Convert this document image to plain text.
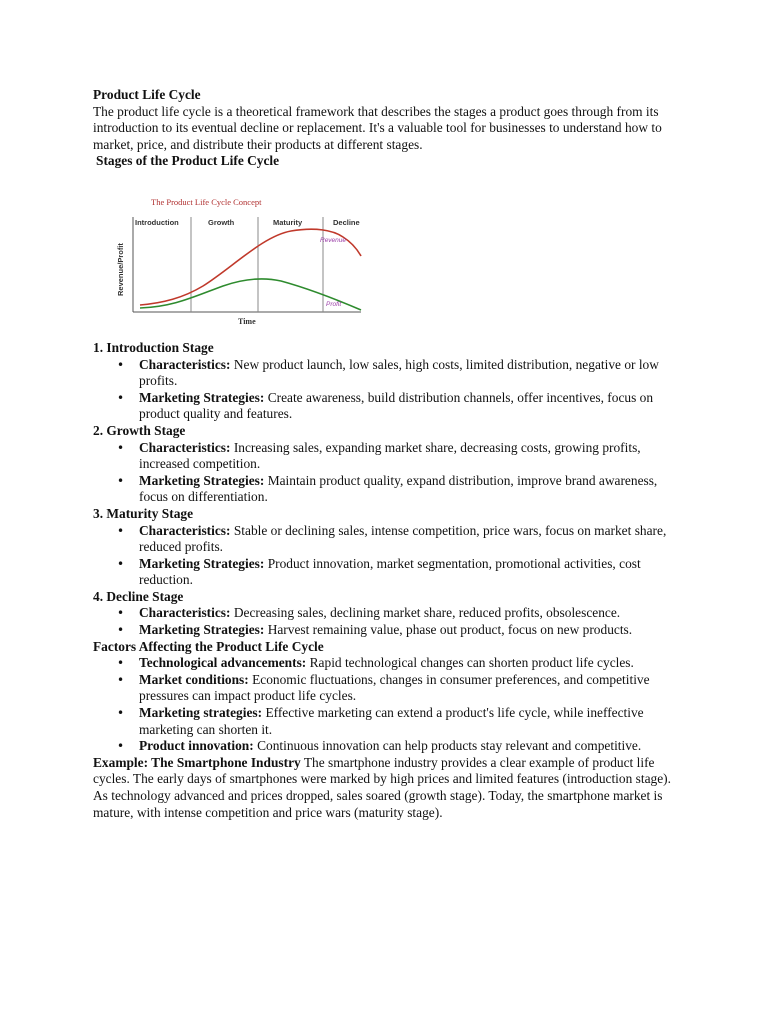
Product Life Cycle

The product life cycle is a theoretical framework that describes the stages a product goes through from its introduction to its eventual decline or replacement. It's a valuable tool for businesses to understand how to market, price, and distribute their products at different stages.

Stages of the Product Life Cycle

The Product Life Cycle Concept
Introduction	Growth	Maturity	Decline
Revenue/Profit
Time
Revenue
Profit

1. Introduction Stage

• Characteristics: New product launch, low sales, high costs, limited distribution, negative or low profits.
• Marketing Strategies: Create awareness, build distribution channels, offer incentives, focus on product quality and features.

2. Growth Stage

• Characteristics: Increasing sales, expanding market share, decreasing costs, growing profits, increased competition.
• Marketing Strategies: Maintain product quality, expand distribution, improve brand awareness, focus on differentiation.

3. Maturity Stage

• Characteristics: Stable or declining sales, intense competition, price wars, focus on market share, reduced profits.
• Marketing Strategies: Product innovation, market segmentation, promotional activities, cost reduction.

4. Decline Stage

• Characteristics: Decreasing sales, declining market share, reduced profits, obsolescence.
• Marketing Strategies: Harvest remaining value, phase out product, focus on new products.

Factors Affecting the Product Life Cycle

• Technological advancements: Rapid technological changes can shorten product life cycles.
• Market conditions: Economic fluctuations, changes in consumer preferences, and competitive pressures can impact product life cycles.
• Marketing strategies: Effective marketing can extend a product's life cycle, while ineffective marketing can shorten it.
• Product innovation: Continuous innovation can help products stay relevant and competitive.

Example: The Smartphone Industry The smartphone industry provides a clear example of product life cycles. The early days of smartphones were marked by high prices and limited features (introduction stage). As technology advanced and prices dropped, sales soared (growth stage). Today, the smartphone market is mature, with intense competition and price wars (maturity stage).
